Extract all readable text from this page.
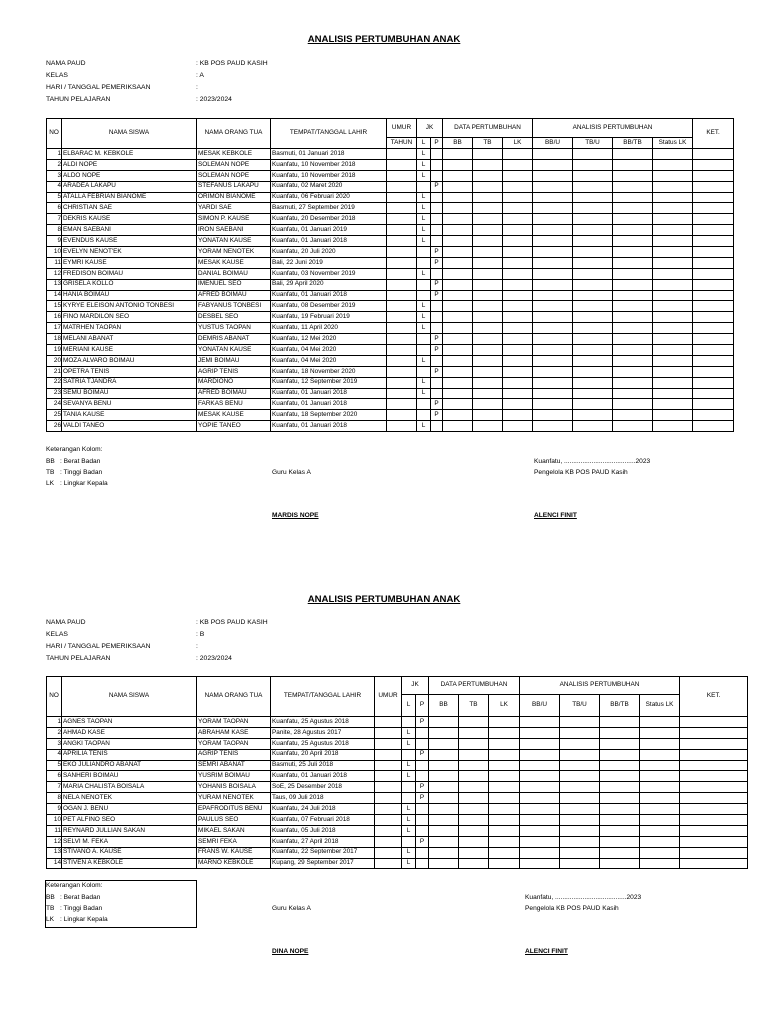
ANALISIS PERTUMBUHAN ANAK
NAMA PAUD	: KB POS PAUD KASIH
KELAS	: A
HARI / TANGGAL PEMERIKSAAN	:
TAHUN PELAJARAN	: 2023/2024
NO	NAMA SISWA	NAMA ORANG TUA	TEMPAT/TANGGAL LAHIR	UMUR	JK		DATA PERTUMBUHAN			ANALISIS PERTUMBUHAN				KET.
				TAHUN	L	P	BB	TB	LK	BB/U	TB/U	BB/TB	Status LK	
1	ELBARAC M. KEBKOLE	MESAK KEBKOLE	Basmuti, 01 Januari 2018		L									
2	ALDI NOPE	SOLEMAN NOPE	Kuanfatu, 10 November 2018		L									
3	ALDO NOPE	SOLEMAN NOPE	Kuanfatu, 10 November 2018		L									
4	ARADEA LAKAPU	STEFANUS LAKAPU	Kuanfatu, 02 Maret 2020			P								
5	ATALLA FEBRIAN BIANOME	ORIMON BIANOME	Kuanfatu, 06 Februari 2020		L									
6	CHRISTIAN SAE	YARDI SAE	Basmuti, 27 September 2019		L									
7	DEKRIS KAUSE	SIMON P. KAUSE	Kuanfatu, 20 Desember 2018		L									
8	EMAN SAEBANI	IRON SAEBANI	Kuanfatu, 01 Januari 2019		L									
9	EVENDUS KAUSE	YONATAN KAUSE	Kuanfatu, 01 Januari 2018		L									
10	EVELYN NENOT'EK	YORAM NENOTEK	Kuanfatu, 20 Juli 2020			P								
11	EYMRI KAUSE	MESAK KAUSE	Bali, 22 Juni 2019			P								
12	FREDISON BOIMAU	DANIAL BOIMAU	Kuanfatu, 03 November 2019		L									
13	GRISELA KOLLO	IMENUEL SEO	Bali, 29 April 2020			P								
14	HANIA BOIMAU	AFRED BOIMAU	Kuanfatu, 01 Januari 2018			P								
15	KYRYE ELEISON ANTONIO TONBESI	FABYANUS TONBESI	Kuanfatu, 08 Desember 2019		L									
16	FINO MARDILON SEO	DESBEL SEO	Kuanfatu, 19 Februari 2019		L									
17	MATRHEN TAOPAN	YUSTUS TAOPAN	Kuanfatu, 11 April 2020		L									
18	MELANI ABANAT	DEMRIS ABANAT	Kuanfatu, 12 Mei 2020			P								
19	MERIANI KAUSE	YONATAN KAUSE	Kuanfatu, 04 Mei 2020			P								
20	MOZA ALVARO BOIMAU	JEMI BOIMAU	Kuanfatu, 04 Mei 2020		L									
21	OPETRA TENIS	AGRIP TENIS	Kuanfatu, 18 November 2020			P								
22	SATRIA TJANDRA	MARDIONO	Kuanfatu, 12 September 2019		L									
23	SEMU BOIMAU	AFRED BOIMAU	Kuanfatu, 01 Januari 2018		L									
24	SEVANYA BENU	FARKAS BENU	Kuanfatu, 01 Januari 2018			P								
25	TANIA KAUSE	MESAK KAUSE	Kuanfatu, 18 September 2020			P								
26	VALDI TANEO	YOPIE TANEO	Kuanfatu, 01 Januari 2018		L									
Keterangan Kolom:
BB : Berat Badan
TB : Tinggi Badan
LK : Lingkar Kepala
Kuanfatu, .......................................2023
Guru Kelas A	Pengelola KB POS PAUD Kasih
MARDIS NOPE	ALENCI FINIT
ANALISIS PERTUMBUHAN ANAK
NAMA PAUD	: KB POS PAUD KASIH
KELAS	: B
HARI / TANGGAL PEMERIKSAAN	:
TAHUN PELAJARAN	: 2023/2024
NO	NAMA SISWA	NAMA ORANG TUA	TEMPAT/TANGGAL LAHIR	UMUR	JK		DATA PERTUMBUHAN			ANALISIS PERTUMBUHAN				KET.
					L	P	BB	TB	LK	BB/U	TB/U	BB/TB	Status LK	
1	AGNES TAOPAN	YORAM TAOPAN	Kuanfatu, 25 Agustus 2018			P								
2	AHMAD KASE	ABRAHAM KASE	Panite, 28 Agustus 2017		L									
3	ANGKI TAOPAN	YORAM TAOPAN	Kuanfatu, 25 Agustus 2018		L									
4	APRILIA TENIS	AGRIP TENIS	Kuanfatu, 20 April 2018			P								
5	EKO JULIANDRO ABANAT	SEMRI ABANAT	Basmuti, 25 Juli 2018		L									
6	SANHERI BOIMAU	YUSRIM BOIMAU	Kuanfatu, 01 Januari 2018		L									
7	MARIA CHALISTA BOISALA	YOHANIS BOISALA	SoE, 25 Desember 2018			P								
8	NELA NENOTEK	YURAM NENOTEK	Taus, 09 Juli 2018			P								
9	OGAN J. BENU	EPAFRODITUS BENU	Kuanfatu, 24 Juli 2018		L									
10	PET ALFINO SEO	PAULUS SEO	Kuanfatu, 07 Februari 2018		L									
11	REYNARD JULLIAN SAKAN	MIKAEL SAKAN	Kuanfatu, 05 Juli 2018		L									
12	SELVI M. FEKA	SEMRI FEKA	Kuanfatu, 27 April 2018			P								
13	STIVANO A. KAUSE	FRANS W. KAUSE	Kuanfatu, 22 September 2017		L									
14	STIVEN A KEBKOLE	MARNO KEBKOLE	Kupang, 29 September 2017		L									
Keterangan Kolom:
BB : Berat Badan
TB : Tinggi Badan
LK : Lingkar Kepala
Kuanfatu, .......................................2023
Guru Kelas A	Pengelola KB POS PAUD Kasih
DINA NOPE	ALENCI FINIT
